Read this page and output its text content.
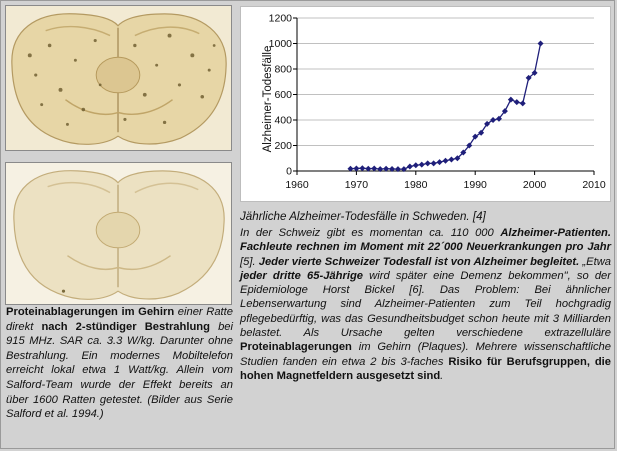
Proteinablagerungen im Gehirn einer Ratte direkt nach 2-stündiger Bestrahlung bei 915 MHz. SAR ca. 3.3 W/kg. Darunter ohne Bestrahlung. Ein modernes Mobiltelefon erreicht lokal etwa 1 Watt/kg. Allein vom Salford-Team wurde der Effekt bereits an über 1600 Ratten getestet. (Bilder aus Serie Salford et al. 1994.)
0
200
400
600
800
1000
1200
1960	1970	1980	1990	2000	2010
Alzheimer-Todesfälle
Jährliche Alzheimer-Todesfälle in Schweden. [4]
In der Schweiz gibt es momentan ca. 110 000 Alzheimer-Patienten. Fachleute rechnen im Moment mit 22´000 Neuerkrankungen pro Jahr [5]. Jeder vierte Schweizer Todesfall ist von Alzheimer begleitet. „Etwa jeder dritte 65-Jährige wird später eine Demenz bekommen", so der Epidemiologe Horst Bickel [6]. Das Problem: Bei ähnlicher Lebenserwartung sind Alzheimer-Patienten zum Teil hochgradig pflegebedürftig, was das Gesundheitsbudget schon heute mit 3 Milliarden belastet. Als Ursache gelten verschiedene extrazelluläre Proteinablagerungen im Gehirn (Plaques). Mehrere wissenschaftliche Studien fanden ein etwa 2 bis 3-faches Risiko für Berufsgruppen, die hohen Magnetfeldern ausgesetzt sind.
